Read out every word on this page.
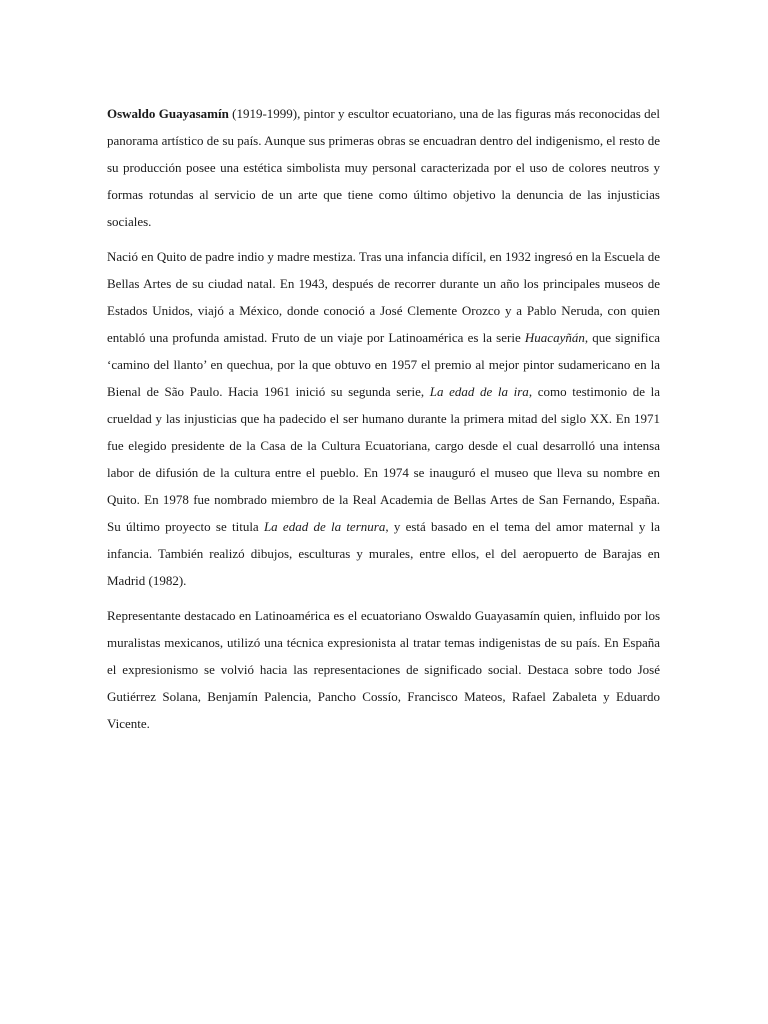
Oswaldo Guayasamín (1919-1999), pintor y escultor ecuatoriano, una de las figuras más reconocidas del panorama artístico de su país. Aunque sus primeras obras se encuadran dentro del indigenismo, el resto de su producción posee una estética simbolista muy personal caracterizada por el uso de colores neutros y formas rotundas al servicio de un arte que tiene como último objetivo la denuncia de las injusticias sociales.

Nació en Quito de padre indio y madre mestiza. Tras una infancia difícil, en 1932 ingresó en la Escuela de Bellas Artes de su ciudad natal. En 1943, después de recorrer durante un año los principales museos de Estados Unidos, viajó a México, donde conoció a José Clemente Orozco y a Pablo Neruda, con quien entabló una profunda amistad. Fruto de un viaje por Latinoamérica es la serie Huacayñán, que significa ‘camino del llanto’ en quechua, por la que obtuvo en 1957 el premio al mejor pintor sudamericano en la Bienal de São Paulo. Hacia 1961 inició su segunda serie, La edad de la ira, como testimonio de la crueldad y las injusticias que ha padecido el ser humano durante la primera mitad del siglo XX. En 1971 fue elegido presidente de la Casa de la Cultura Ecuatoriana, cargo desde el cual desarrolló una intensa labor de difusión de la cultura entre el pueblo. En 1974 se inauguró el museo que lleva su nombre en Quito. En 1978 fue nombrado miembro de la Real Academia de Bellas Artes de San Fernando, España. Su último proyecto se titula La edad de la ternura, y está basado en el tema del amor maternal y la infancia. También realizó dibujos, esculturas y murales, entre ellos, el del aeropuerto de Barajas en Madrid (1982).

Representante destacado en Latinoamérica es el ecuatoriano Oswaldo Guayasamín quien, influido por los muralistas mexicanos, utilizó una técnica expresionista al tratar temas indigenistas de su país. En España el expresionismo se volvió hacia las representaciones de significado social. Destaca sobre todo José Gutiérrez Solana, Benjamín Palencia, Pancho Cossío, Francisco Mateos, Rafael Zabaleta y Eduardo Vicente.
